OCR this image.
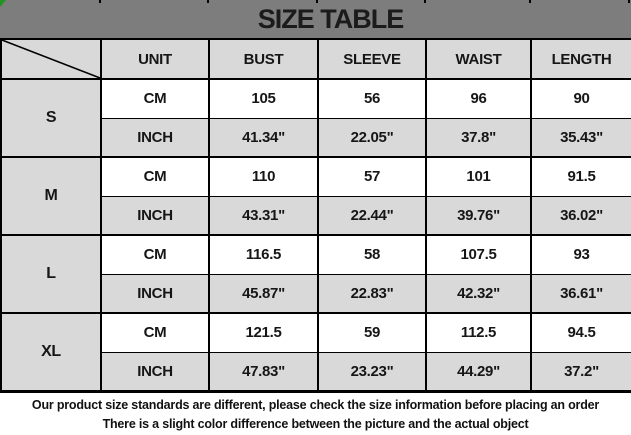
SIZE TABLE
	UNIT	BUST	SLEEVE	WAIST	LENGTH
S	CM	105	56	96	90
	INCH	41.34"	22.05"	37.8"	35.43"
M	CM	110	57	101	91.5
	INCH	43.31"	22.44"	39.76"	36.02"
L	CM	116.5	58	107.5	93
	INCH	45.87"	22.83"	42.32"	36.61"
XL	CM	121.5	59	112.5	94.5
	INCH	47.83"	23.23"	44.29"	37.2"
Our product size standards are different, please check the size information before placing an order
There is a slight color difference between the picture and the actual object
